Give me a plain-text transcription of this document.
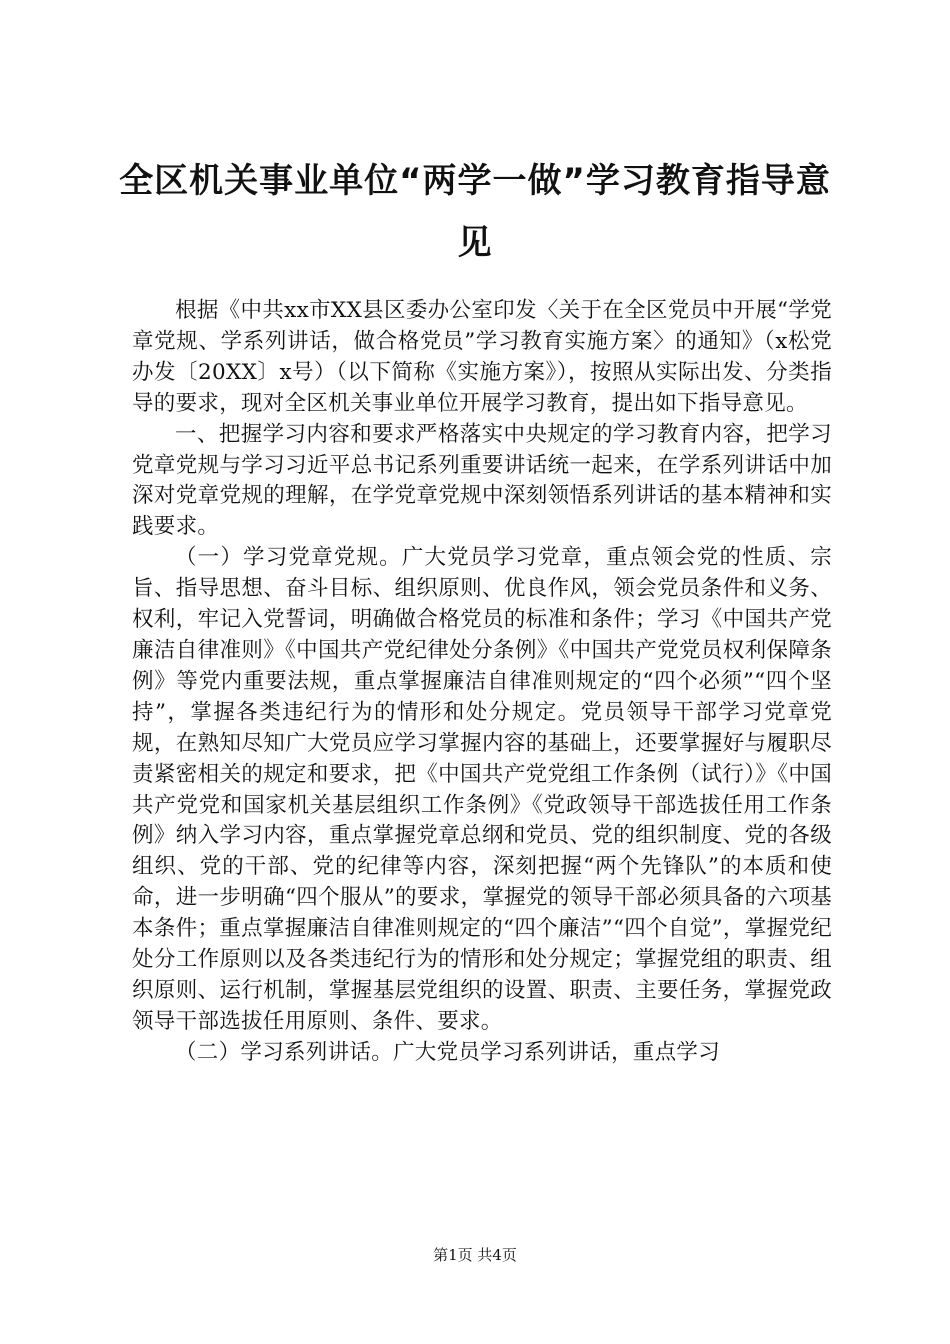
全区机关事业单位“两学一做”学习教育指导意见

根据《中共xx市XX县区委办公室印发〈关于在全区党员中开展“学党章党规、学系列讲话，做合格党员”学习教育实施方案〉的通知》（x松党办发〔20XX〕x号）（以下简称《实施方案》），按照从实际出发、分类指导的要求，现对全区机关事业单位开展学习教育，提出如下指导意见。

一、把握学习内容和要求严格落实中央规定的学习教育内容，把学习党章党规与学习习近平总书记系列重要讲话统一起来，在学系列讲话中加深对党章党规的理解，在学党章党规中深刻领悟系列讲话的基本精神和实践要求。

（一）学习党章党规。广大党员学习党章，重点领会党的性质、宗旨、指导思想、奋斗目标、组织原则、优良作风，领会党员条件和义务、权利，牢记入党誓词，明确做合格党员的标准和条件；学习《中国共产党廉洁自律准则》《中国共产党纪律处分条例》《中国共产党党员权利保障条例》等党内重要法规，重点掌握廉洁自律准则规定的“四个必须”“四个坚持”，掌握各类违纪行为的情形和处分规定。党员领导干部学习党章党规，在熟知尽知广大党员应学习掌握内容的基础上，还要掌握好与履职尽责紧密相关的规定和要求，把《中国共产党党组工作条例（试行）》《中国共产党党和国家机关基层组织工作条例》《党政领导干部选拔任用工作条例》纳入学习内容，重点掌握党章总纲和党员、党的组织制度、党的各级组织、党的干部、党的纪律等内容，深刻把握“两个先锋队”的本质和使命，进一步明确“四个服从”的要求，掌握党的领导干部必须具备的六项基本条件；重点掌握廉洁自律准则规定的“四个廉洁”“四个自觉”，掌握党纪处分工作原则以及各类违纪行为的情形和处分规定；掌握党组的职责、组织原则、运行机制，掌握基层党组织的设置、职责、主要任务，掌握党政领导干部选拔任用原则、条件、要求。

（二）学习系列讲话。广大党员学习系列讲话，重点学习

第1页 共4页
